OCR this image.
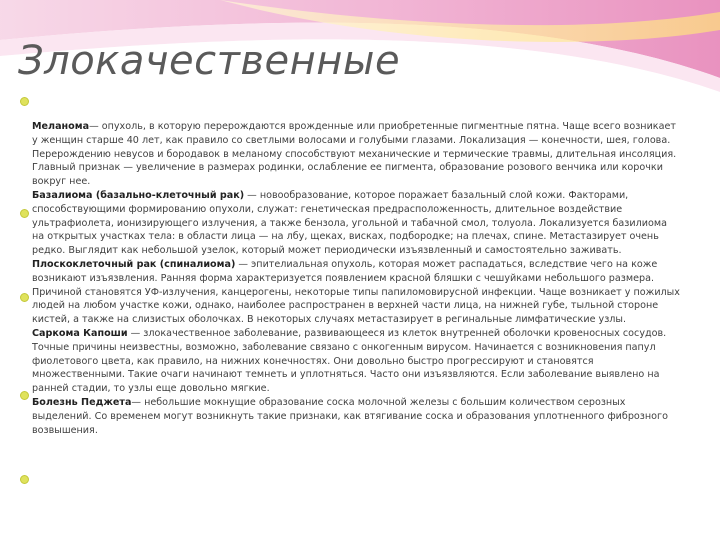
Злокачественные

Меланома— опухоль, в которую перерождаются врожденные или приобретенные пигментные пятна. Чаще всего возникает у женщин старше 40 лет, как правило со светлыми волосами и голубыми глазами. Локализация — конечности, шея, голова. Перерождению невусов и бородавок в меланому способствуют механические и термические травмы, длительная инсоляция. Главный признак — увеличение в размерах родинки, ослабление ее пигмента, образование розового венчика или корочки вокруг нее.

Базалиома (базально-клеточный рак) — новообразование, которое поражает базальный слой кожи. Факторами, способствующими формированию опухоли, служат: генетическая предрасположенность, длительное воздействие ультрафиолета, ионизирующего излучения, а также бензола, угольной и табачной смол, толуола. Локализуется базилиома на открытых участках тела: в области лица — на лбу, щеках, висках, подбородке; на плечах, спине. Метастазирует очень редко. Выглядит как небольшой узелок, который может периодически изъязвленный и самостоятельно заживать.

Плоскоклеточный рак (спиналиома) — эпителиальная опухоль, которая может распадаться, вследствие чего на коже возникают изъязвления. Ранняя форма характеризуется появлением красной бляшки с чешуйками небольшого размера. Причиной становятся УФ-излучения, канцерогены, некоторые типы папиломовирусной инфекции. Чаще возникает у пожилых людей на любом участке кожи, однако, наиболее распространен в верхней части лица, на нижней губе, тыльной стороне кистей, а также на слизистых оболочках. В некоторых случаях метастазирует в регинальные лимфатические узлы.

Саркома Капоши — злокачественное заболевание, развивающееся из клеток внутренней оболочки кровеносных сосудов. Точные причины неизвестны, возможно, заболевание связано с онкогенным вирусом. Начинается с возникновения папул фиолетового цвета, как правило, на нижних конечностях. Они довольно быстро прогрессируют и становятся множественными. Такие очаги начинают темнеть и уплотняться. Часто они изъязвляются. Если заболевание выявлено на ранней стадии, то узлы еще довольно мягкие.

Болезнь Педжета— небольшие мокнущие образование соска молочной железы с большим количеством серозных выделений. Со временем могут возникнуть такие признаки, как втягивание соска и образования уплотненного фиброзного возвышения.
